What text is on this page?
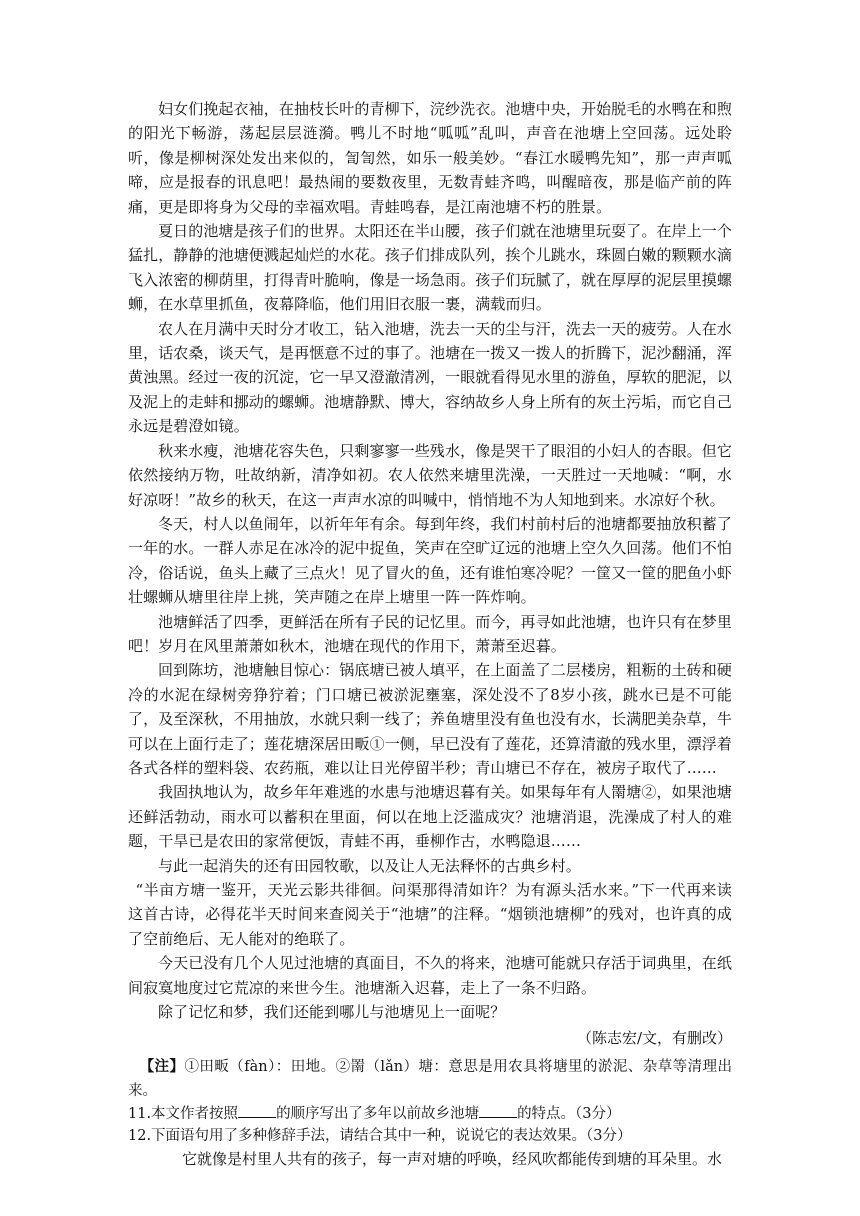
妇女们挽起衣袖，在抽枝长叶的青柳下，浣纱洗衣。池塘中央，开始脱毛的水鸭在和煦的阳光下畅游，荡起层层涟漪。鸭儿不时地“呱呱”乱叫，声音在池塘上空回荡。远处聆听，像是柳树深处发出来似的，訇訇然，如乐一般美妙。“春江水暖鸭先知”，那一声声呱啼，应是报春的讯息吧！最热闹的要数夜里，无数青蛙齐鸣，叫醒暗夜，那是临产前的阵痛，更是即将身为父母的幸福欢唱。青蛙鸣春，是江南池塘不朽的胜景。

夏日的池塘是孩子们的世界。太阳还在半山腰，孩子们就在池塘里玩耍了。在岸上一个猛扎，静静的池塘便溅起灿烂的水花。孩子们排成队列，挨个儿跳水，珠圆白嫩的颗颗水滴飞入浓密的柳荫里，打得青叶脆响，像是一场急雨。孩子们玩腻了，就在厚厚的泥层里摸螺蛳，在水草里抓鱼，夜幕降临，他们用旧衣服一裹，满载而归。

农人在月满中天时分才收工，钻入池塘，洗去一天的尘与汗，洗去一天的疲劳。人在水里，话农桑，谈天气，是再惬意不过的事了。池塘在一拨又一拨人的折腾下，泥沙翻涌，浑黄浊黑。经过一夜的沉淀，它一早又澄澈清冽，一眼就看得见水里的游鱼，厚软的肥泥，以及泥上的走蚌和挪动的螺蛳。池塘静默、博大，容纳故乡人身上所有的灰土污垢，而它自己永远是碧澄如镜。

秋来水瘦，池塘花容失色，只剩寥寥一些残水，像是哭干了眼泪的小妇人的杏眼。但它依然接纳万物，吐故纳新，清净如初。农人依然来塘里洗澡，一天胜过一天地喊：“啊，水好凉呀！”故乡的秋天，在这一声声水凉的叫喊中，悄悄地不为人知地到来。水凉好个秋。

冬天，村人以鱼闹年，以祈年年有余。每到年终，我们村前村后的池塘都要抽放积蓄了一年的水。一群人赤足在冰冷的泥中捉鱼，笑声在空旷辽远的池塘上空久久回荡。他们不怕冷，俗话说，鱼头上藏了三点火！见了冒火的鱼，还有谁怕寒冷呢？一筐又一筐的肥鱼小虾壮螺蛳从塘里往岸上挑，笑声随之在岸上塘里一阵一阵炸响。

池塘鲜活了四季，更鲜活在所有子民的记忆里。而今，再寻如此池塘，也许只有在梦里吧！岁月在风里萧萧如秋木，池塘在现代的作用下，萧萧至迟暮。

回到陈坊，池塘触目惊心：锅底塘已被人填平，在上面盖了二层楼房，粗粝的土砖和硬冷的水泥在绿树旁狰狞着；门口塘已被淤泥壅塞，深处没不了8岁小孩，跳水已是不可能了，及至深秋，不用抽放，水就只剩一线了；养鱼塘里没有鱼也没有水，长满肥美杂草，牛可以在上面行走了；莲花塘深居田畈①一侧，早已没有了莲花，还算清澈的残水里，漂浮着各式各样的塑料袋、农药瓶，难以让日光停留半秒；青山塘已不存在，被房子取代了……

我固执地认为，故乡年年难逃的水患与池塘迟暮有关。如果每年有人罱塘②，如果池塘还鲜活勃动，雨水可以蓄积在里面，何以在地上泛滥成灾？池塘消退，洗澡成了村人的难题，干旱已是农田的家常便饭，青蛙不再，垂柳作古，水鸭隐退……

与此一起消失的还有田园牧歌，以及让人无法释怀的古典乡村。

“半亩方塘一鉴开，天光云影共徘徊。问渠那得清如许？为有源头活水来。”下一代再来读这首古诗，必得花半天时间来查阅关于“池塘”的注释。“烟锁池塘柳”的残对，也许真的成了空前绝后、无人能对的绝联了。

今天已没有几个人见过池塘的真面目，不久的将来，池塘可能就只存活于词典里，在纸间寂寞地度过它荒凉的来世今生。池塘渐入迟暮，走上了一条不归路。

除了记忆和梦，我们还能到哪儿与池塘见上一面呢？

（陈志宏/文，有删改）

【注】①田畈（fàn）：田地。②罱（lǎn）塘：意思是用农具将塘里的淤泥、杂草等清理出来。

11.本文作者按照	的顺序写出了多年以前故乡池塘	的特点。（3分）

12.下面语句用了多种修辞手法，请结合其中一种，说说它的表达效果。（3分）

它就像是村里人共有的孩子，每一声对塘的呼唤，经风吹都能传到塘的耳朵里。水
